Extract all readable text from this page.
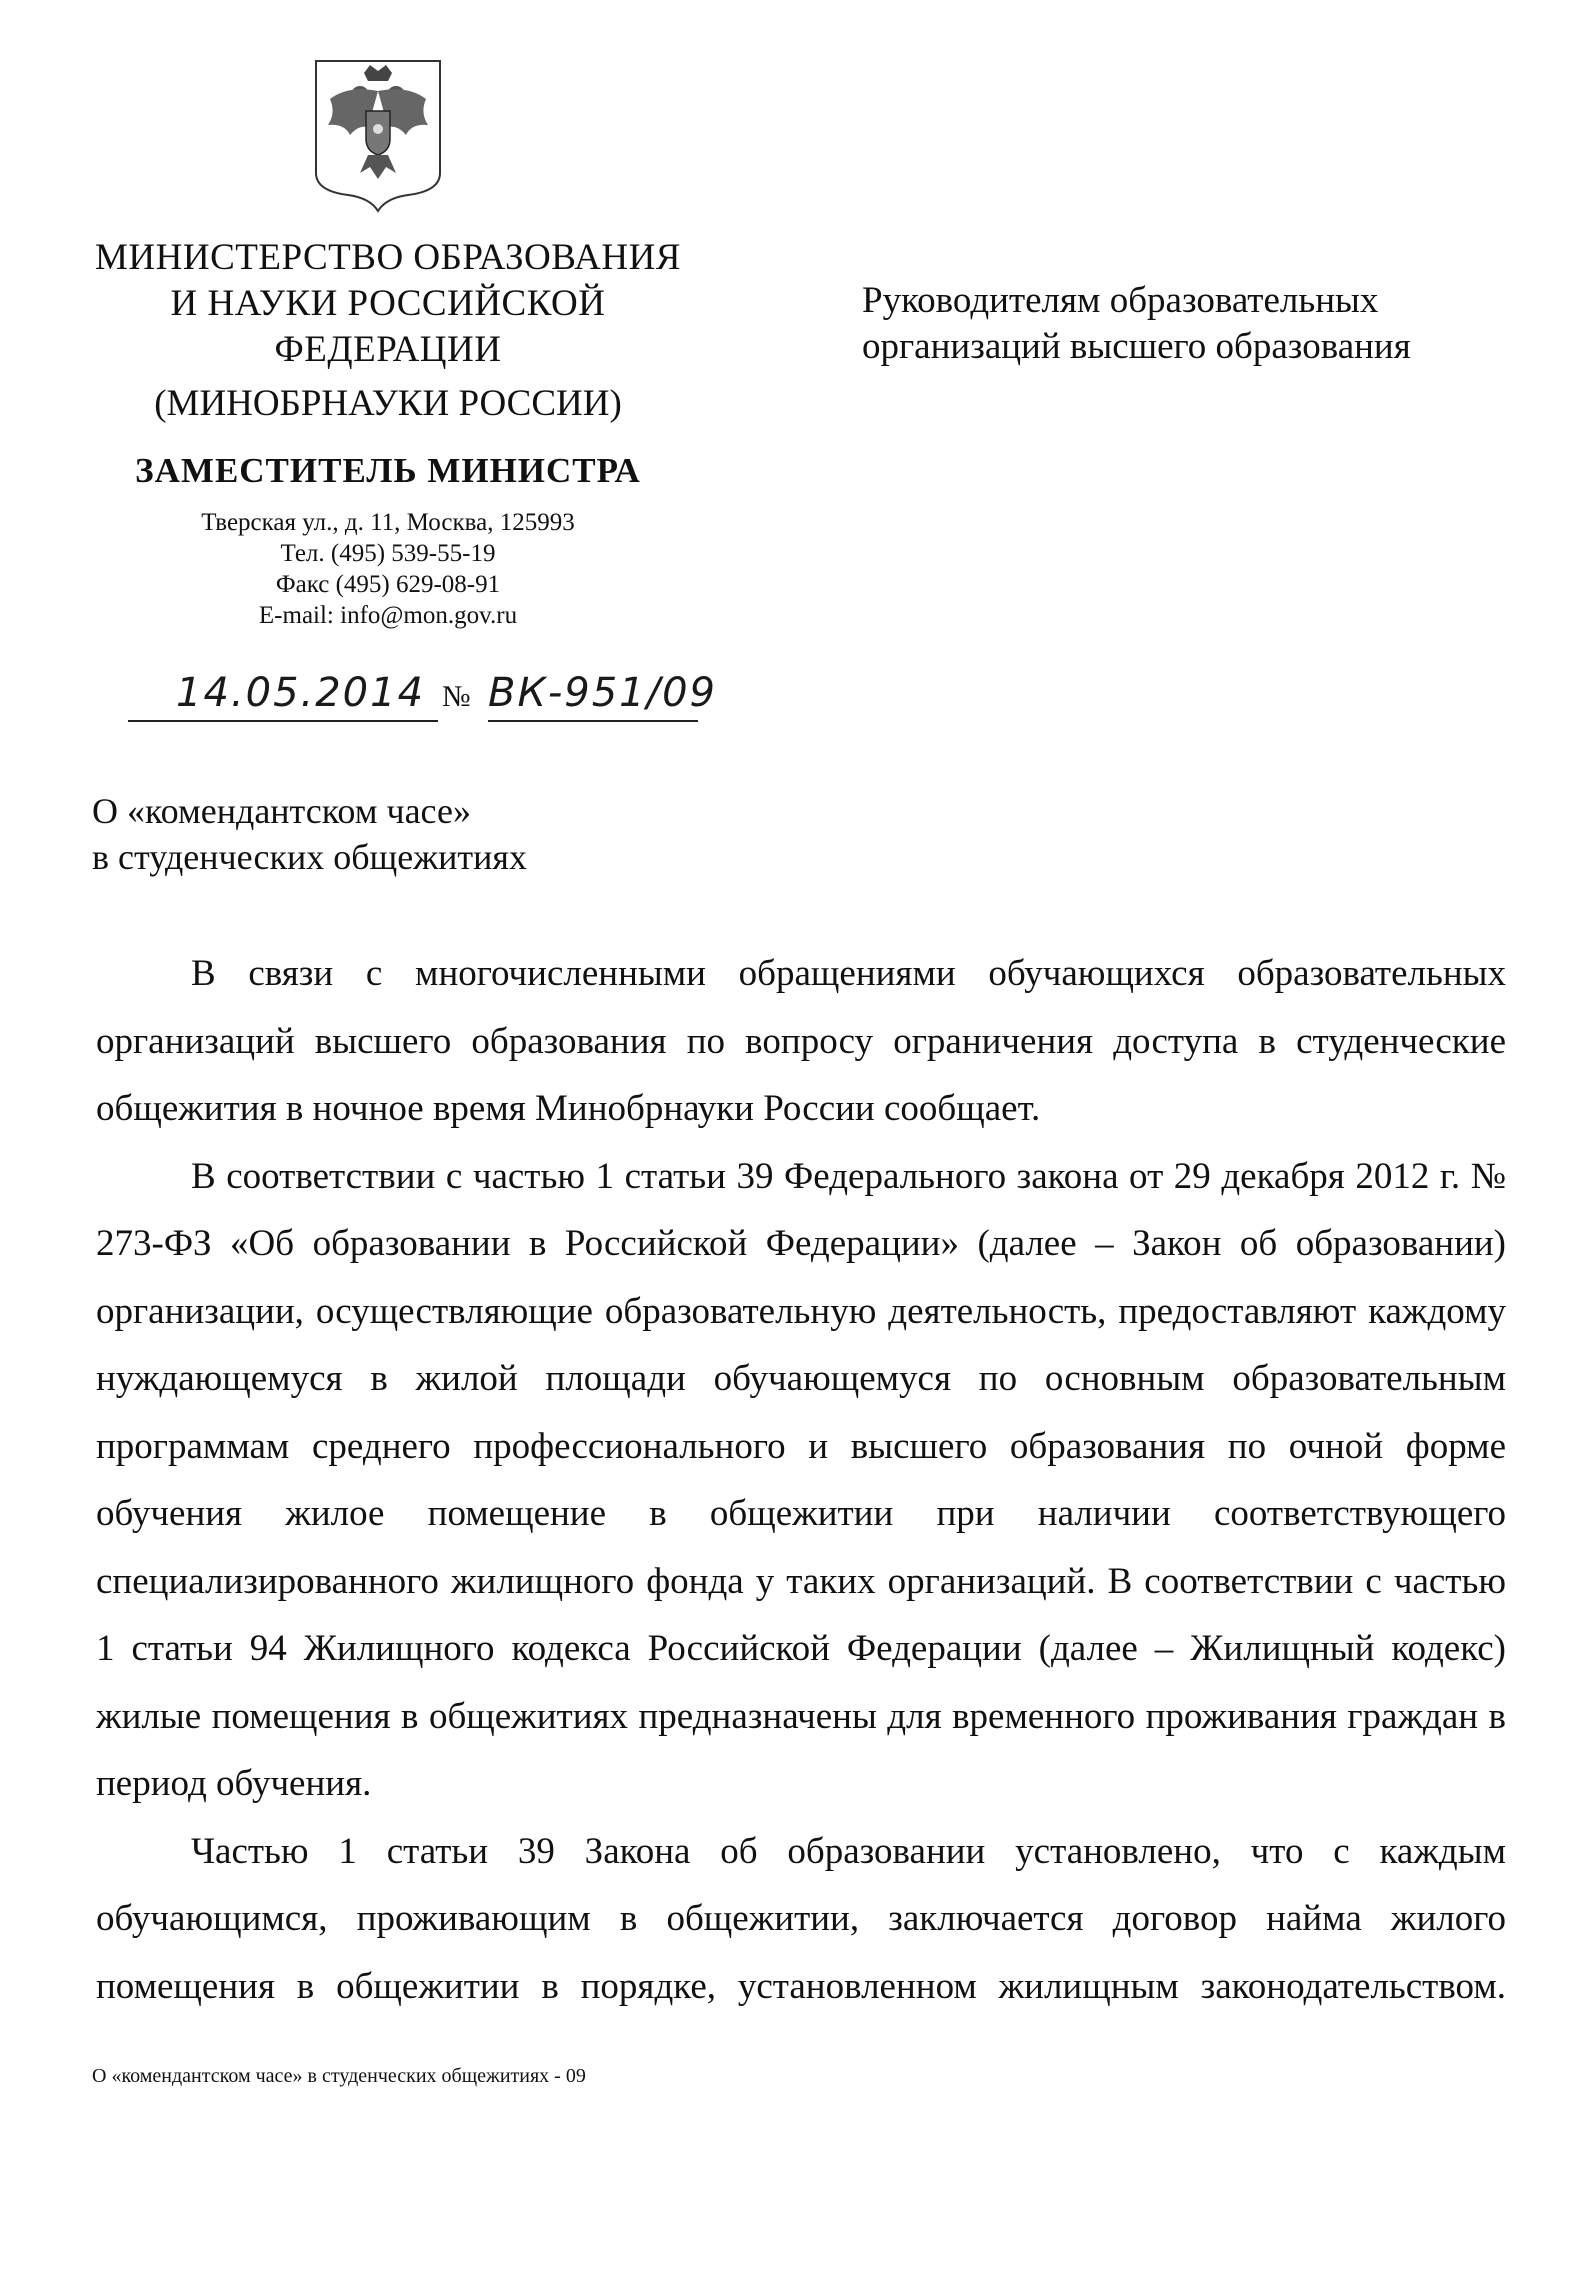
МИНИСТЕРСТВО ОБРАЗОВАНИЯ
И НАУКИ РОССИЙСКОЙ
ФЕДЕРАЦИИ
(МИНОБРНАУКИ РОССИИ)
ЗАМЕСТИТЕЛЬ МИНИСТРА
Тверская ул., д. 11, Москва, 125993
Тел. (495) 539-55-19
Факс (495) 629-08-91
E-mail: info@mon.gov.ru
14.05.2014 № ВК-951/09
Руководителям образовательных
организаций высшего образования
О «комендантском часе»
в студенческих общежитиях

В связи с многочисленными обращениями обучающихся образовательных организаций высшего образования по вопросу ограничения доступа в студенческие общежития в ночное время Минобрнауки России сообщает.

В соответствии с частью 1 статьи 39 Федерального закона от 29 декабря 2012 г. № 273-ФЗ «Об образовании в Российской Федерации» (далее – Закон об образовании) организации, осуществляющие образовательную деятельность, предоставляют каждому нуждающемуся в жилой площади обучающемуся по основным образовательным программам среднего профессионального и высшего образования по очной форме обучения жилое помещение в общежитии при наличии соответствующего специализированного жилищного фонда у таких организаций. В соответствии с частью 1 статьи 94 Жилищного кодекса Российской Федерации (далее – Жилищный кодекс) жилые помещения в общежитиях предназначены для временного проживания граждан в период обучения.

Частью 1 статьи 39 Закона об образовании установлено, что с каждым обучающимся, проживающим в общежитии, заключается договор найма жилого помещения в общежитии в порядке, установленном жилищным законодательством.

О «комендантском часе» в студенческих общежитиях - 09
